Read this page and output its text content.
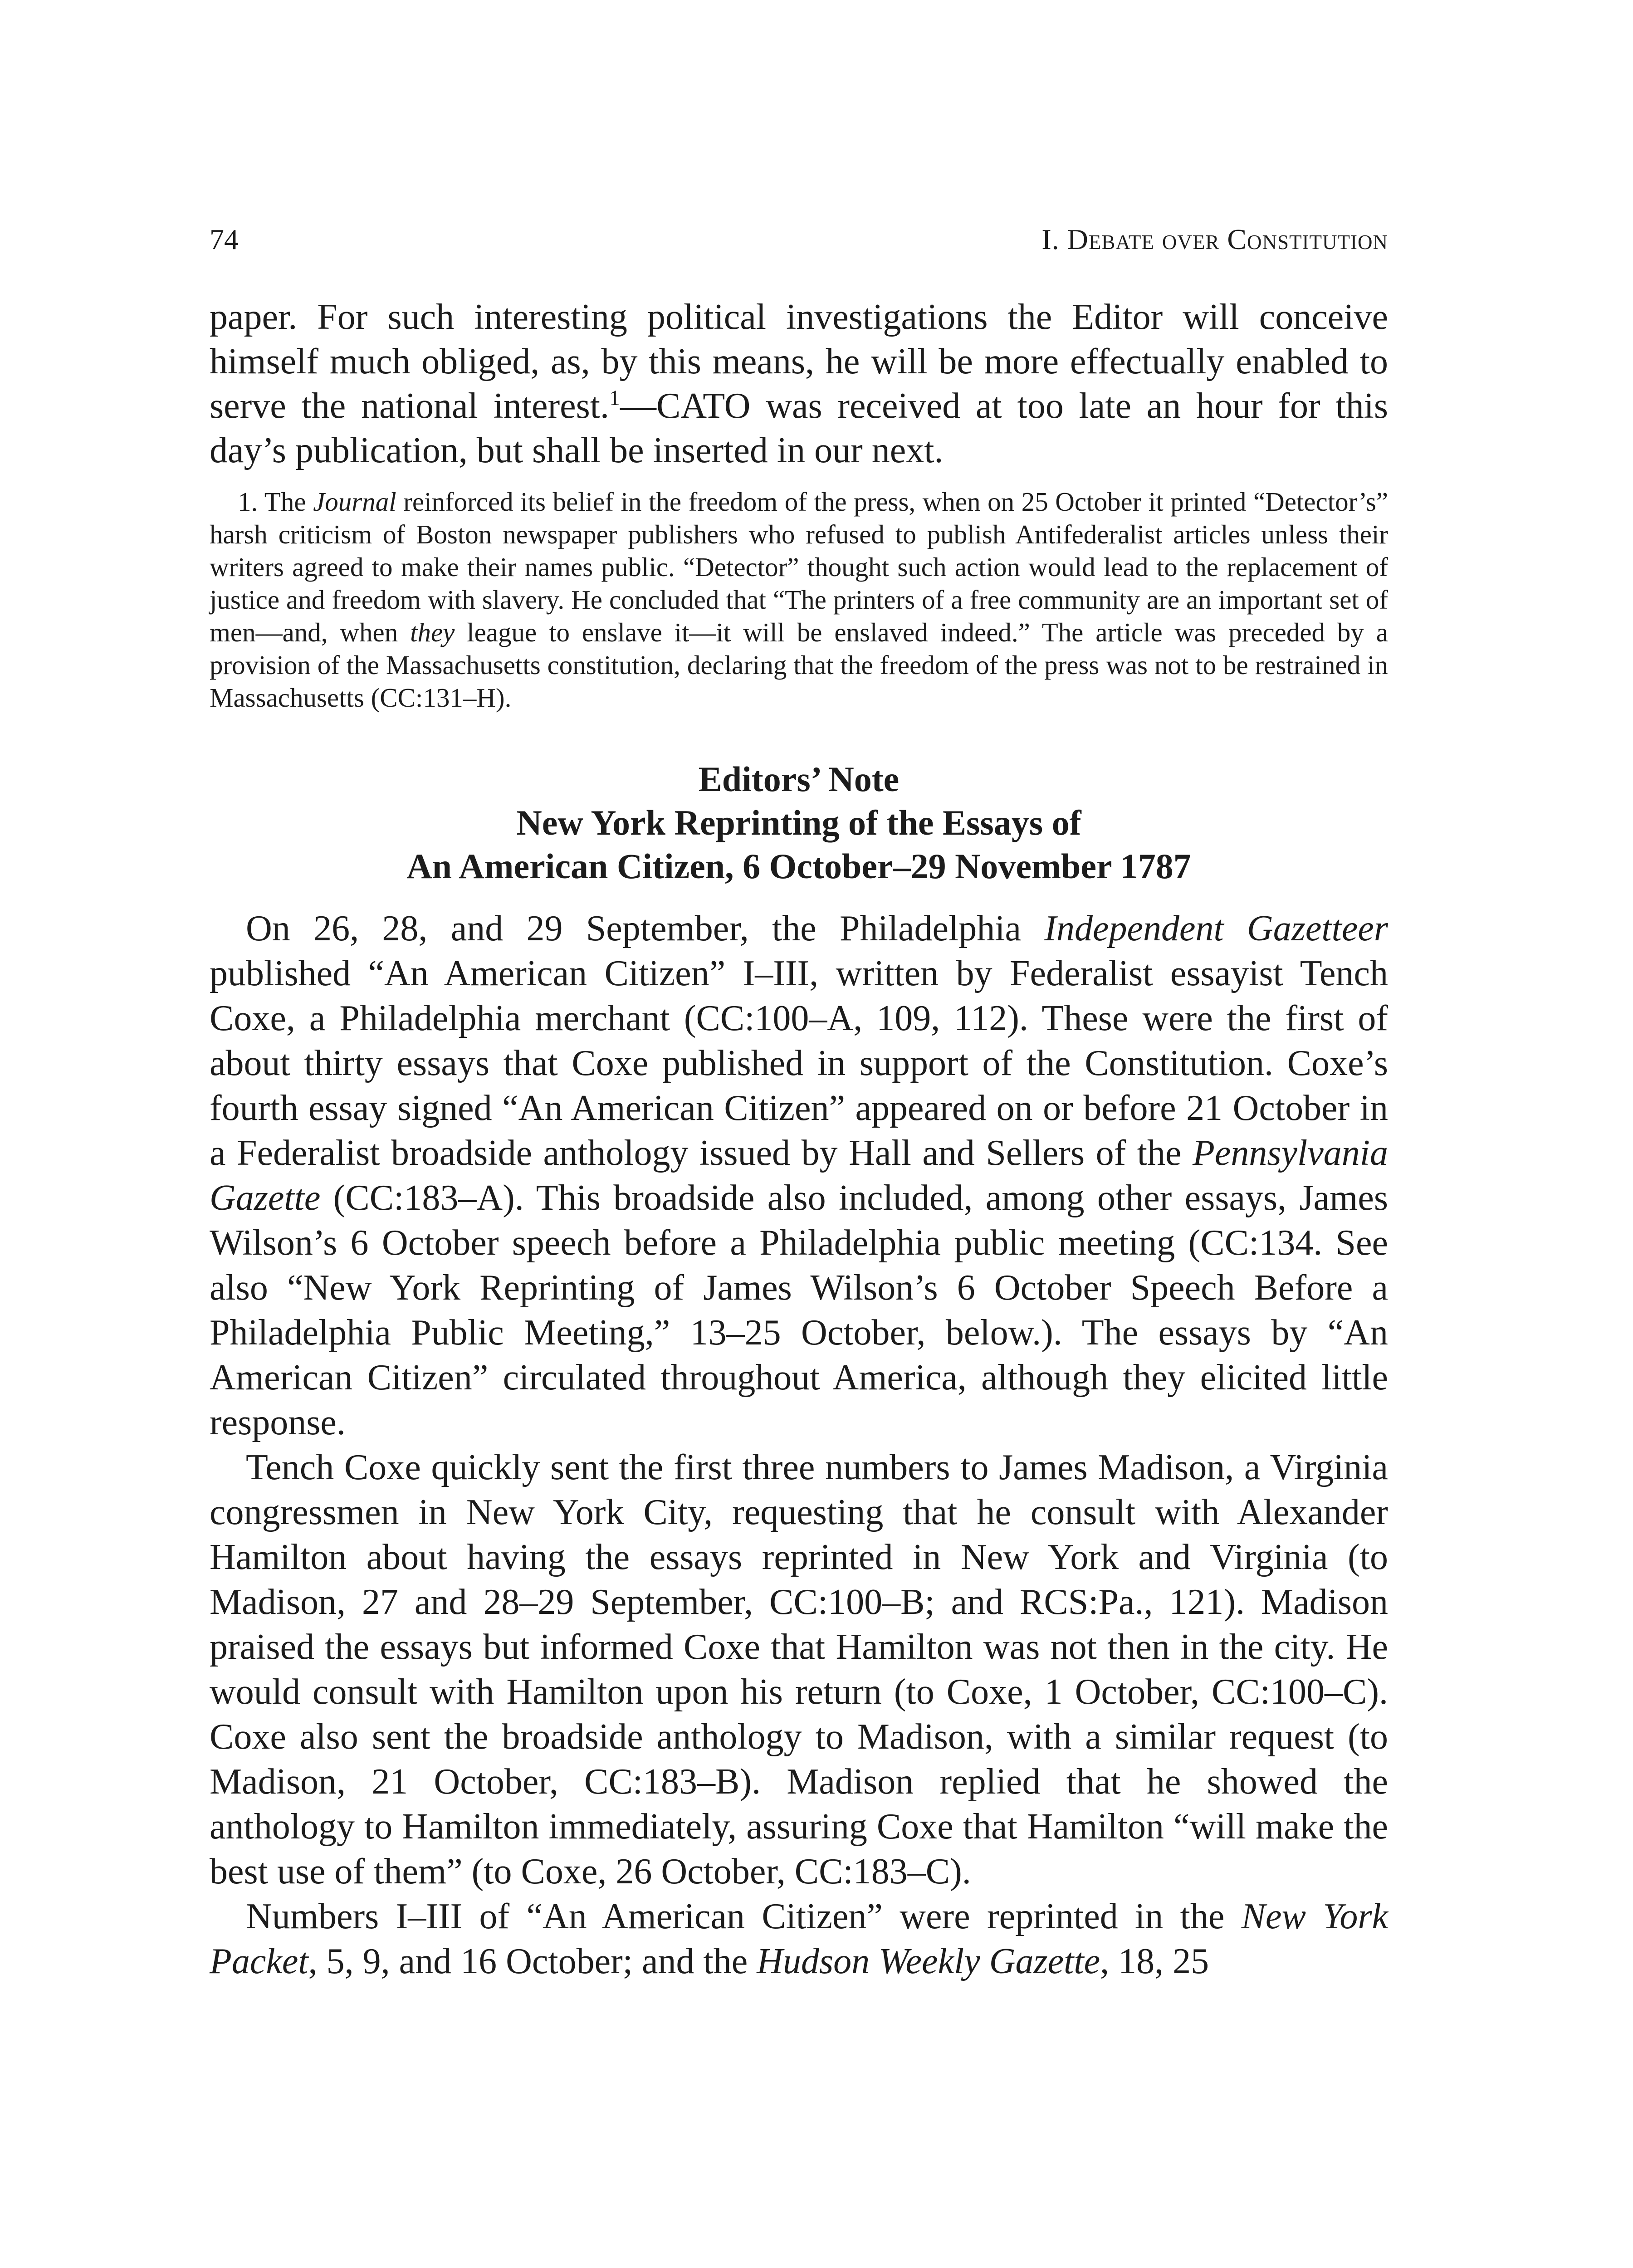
74	I. Debate over Constitution

paper. For such interesting political investigations the Editor will conceive himself much obliged, as, by this means, he will be more effectually enabled to serve the national interest.$^1$—CATO was received at too late an hour for this day’s publication, but shall be inserted in our next.

1. The Journal reinforced its belief in the freedom of the press, when on 25 October it printed “Detector’s” harsh criticism of Boston newspaper publishers who refused to publish Antifederalist articles unless their writers agreed to make their names public. “Detector” thought such action would lead to the replacement of justice and freedom with slavery. He concluded that “The printers of a free community are an important set of men—and, when they league to enslave it—it will be enslaved indeed.” The article was preceded by a provision of the Massachusetts constitution, declaring that the freedom of the press was not to be restrained in Massachusetts (CC:131–H).

Editors’ Note
New York Reprinting of the Essays of
An American Citizen, 6 October–29 November 1787

On 26, 28, and 29 September, the Philadelphia Independent Gazetteer published “An American Citizen” I–III, written by Federalist essayist Tench Coxe, a Philadelphia merchant (CC:100–A, 109, 112). These were the first of about thirty essays that Coxe published in support of the Constitution. Coxe’s fourth essay signed “An American Citizen” appeared on or before 21 October in a Federalist broadside anthology issued by Hall and Sellers of the Pennsylvania Gazette (CC:183–A). This broadside also included, among other essays, James Wilson’s 6 October speech before a Philadelphia public meeting (CC:134. See also “New York Reprinting of James Wilson’s 6 October Speech Before a Philadelphia Public Meeting,” 13–25 October, below.). The essays by “An American Citizen” circulated throughout America, although they elicited little response.

Tench Coxe quickly sent the first three numbers to James Madison, a Virginia congressmen in New York City, requesting that he consult with Alexander Hamilton about having the essays reprinted in New York and Virginia (to Madison, 27 and 28–29 September, CC:100–B; and RCS:Pa., 121). Madison praised the essays but informed Coxe that Hamilton was not then in the city. He would consult with Hamilton upon his return (to Coxe, 1 October, CC:100–C). Coxe also sent the broadside anthology to Madison, with a similar request (to Madison, 21 October, CC:183–B). Madison replied that he showed the anthology to Hamilton immediately, assuring Coxe that Hamilton “will make the best use of them” (to Coxe, 26 October, CC:183–C).

Numbers I–III of “An American Citizen” were reprinted in the New York Packet, 5, 9, and 16 October; and the Hudson Weekly Gazette, 18, 25
